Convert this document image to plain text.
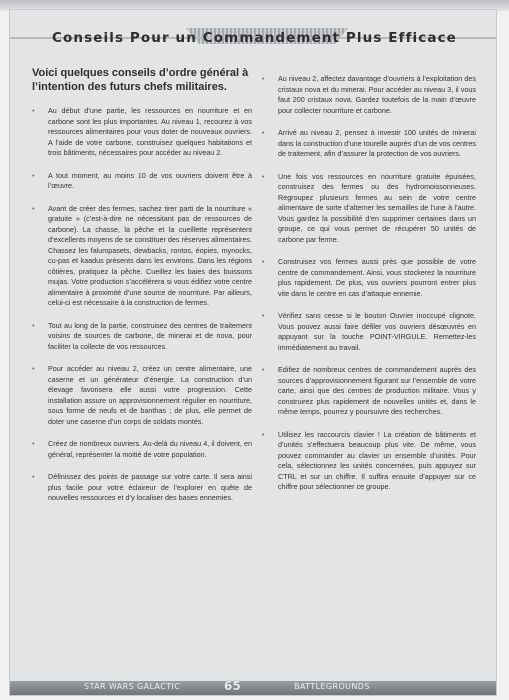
Conseils Pour un Commandement Plus Efficace

Voici quelques conseils d’ordre général à l’intention des futurs chefs militaires.

• Au début d’une partie, les ressources en nourriture et en carbone sont les plus importantes. Au niveau 1, recourez à vos ressources alimentaires pour vous doter de nouveaux ouvriers. A l’aide de votre carbone, construisez quelques habitations et trois bâtiments, nécessaires pour accéder au niveau 2.
• A tout moment, au moins 10 de vos ouvriers doivent être à l’œuvre.
• Avant de créer des fermes, sachez tirer parti de la nourriture « gratuite » (c’est-à-dire ne nécessitant pas de ressources de carbone). La chasse, la pêche et la cueillette représentent d’excellents moyens de se constituer des réserves alimentaires. Chassez les falumpasets, dewbacks, rontos, éopies, mynocks, cu-pas et kaadus présents dans les environs. Dans les régions côtières, pratiquez la pêche. Cueillez les baies des buissons mujas. Votre production s’accélérera si vous édifiez votre centre alimentaire à proximité d’une source de nourriture. Par ailleurs, celui-ci est nécessaire à la construction de fermes.
• Tout au long de la partie, construisez des centres de traitement voisins de sources de carbone, de minerai et de nova, pour faciliter la collecte de vos ressources.
• Pour accéder au niveau 2, créez un centre alimentaire, une caserne et un générateur d’énergie. La construction d’un élevage favorisera elle aussi votre progression. Cette installation assure un approvisionnement régulier en nourriture, sous forme de neufs et de banthas ; de plus, elle permet de doter une caserne d’un corps de soldats montés.
• Créez de nombreux ouvriers. Au-delà du niveau 4, il doivent, en général, représenter la moitié de votre population.
• Définissez des points de passage sur votre carte. Il sera ainsi plus facile pour votre éclaireur de l’explorer en quête de nouvelles ressources et d’y localiser des bases ennemies.
• Au niveau 2, affectez davantage d’ouvriers à l’exploitation des cristaux nova et du minerai. Pour accéder au niveau 3, il vous faut 200 cristaux nova. Gardez toutefois de la main d’œuvre pour collecter nourriture et carbone.
• Arrivé au niveau 2, pensez à investir 100 unités de minerai dans la construction d’une tourelle auprès d’un de vos centres de traitement, afin d’assurer la protection de vos ouvriers.
• Une fois vos ressources en nourriture gratuite épuisées, construisez des fermes ou des hydromoissonneuses. Regroupez plusieurs fermes au sein de votre centre alimentaire de sorte d’alterner les semailles de l’une à l’autre. Vous gardez la possibilité d’en supprimer certaines dans un groupe, ce qui vous permet de récupérer 50 unités de carbone par ferme.
• Construisez vos fermes aussi près que possible de votre centre de commandement. Ainsi, vous stockerez la nourriture plus rapidement. De plus, vos ouvriers pourront entrer plus vite dans le centre en cas d’attaque ennemie.
• Vérifiez sans cesse si le bouton Ouvrier inoccupé clignote. Vous pouvez aussi faire défiler vos ouvriers désœuvrés en appuyant sur la touche POINT-VIRGULE. Remettez-les immédiatement au travail.
• Edifiez de nombreux centres de commandement auprès des sources d’approvisionnement figurant sur l’ensemble de votre carte, ainsi que des centres de production militaire. Vous y construirez plus rapidement de nouvelles unités et, dans le même temps, pourrez y poursuivre des recherches.
• Utilisez les raccourcis clavier ! La création de bâtiments et d’unités s’effectuera beaucoup plus vite. De même, vous pouvez commander au clavier un ensemble d’unités. Pour cela, sélectionnez les unités concernées, puis appuyez sur CTRL et sur un chiffre. Il suffira ensuite d’appuyer sur ce chiffre pour sélectionner ce groupe.
STAR WARS GALACTIC	65	BATTLEGROUNDS
